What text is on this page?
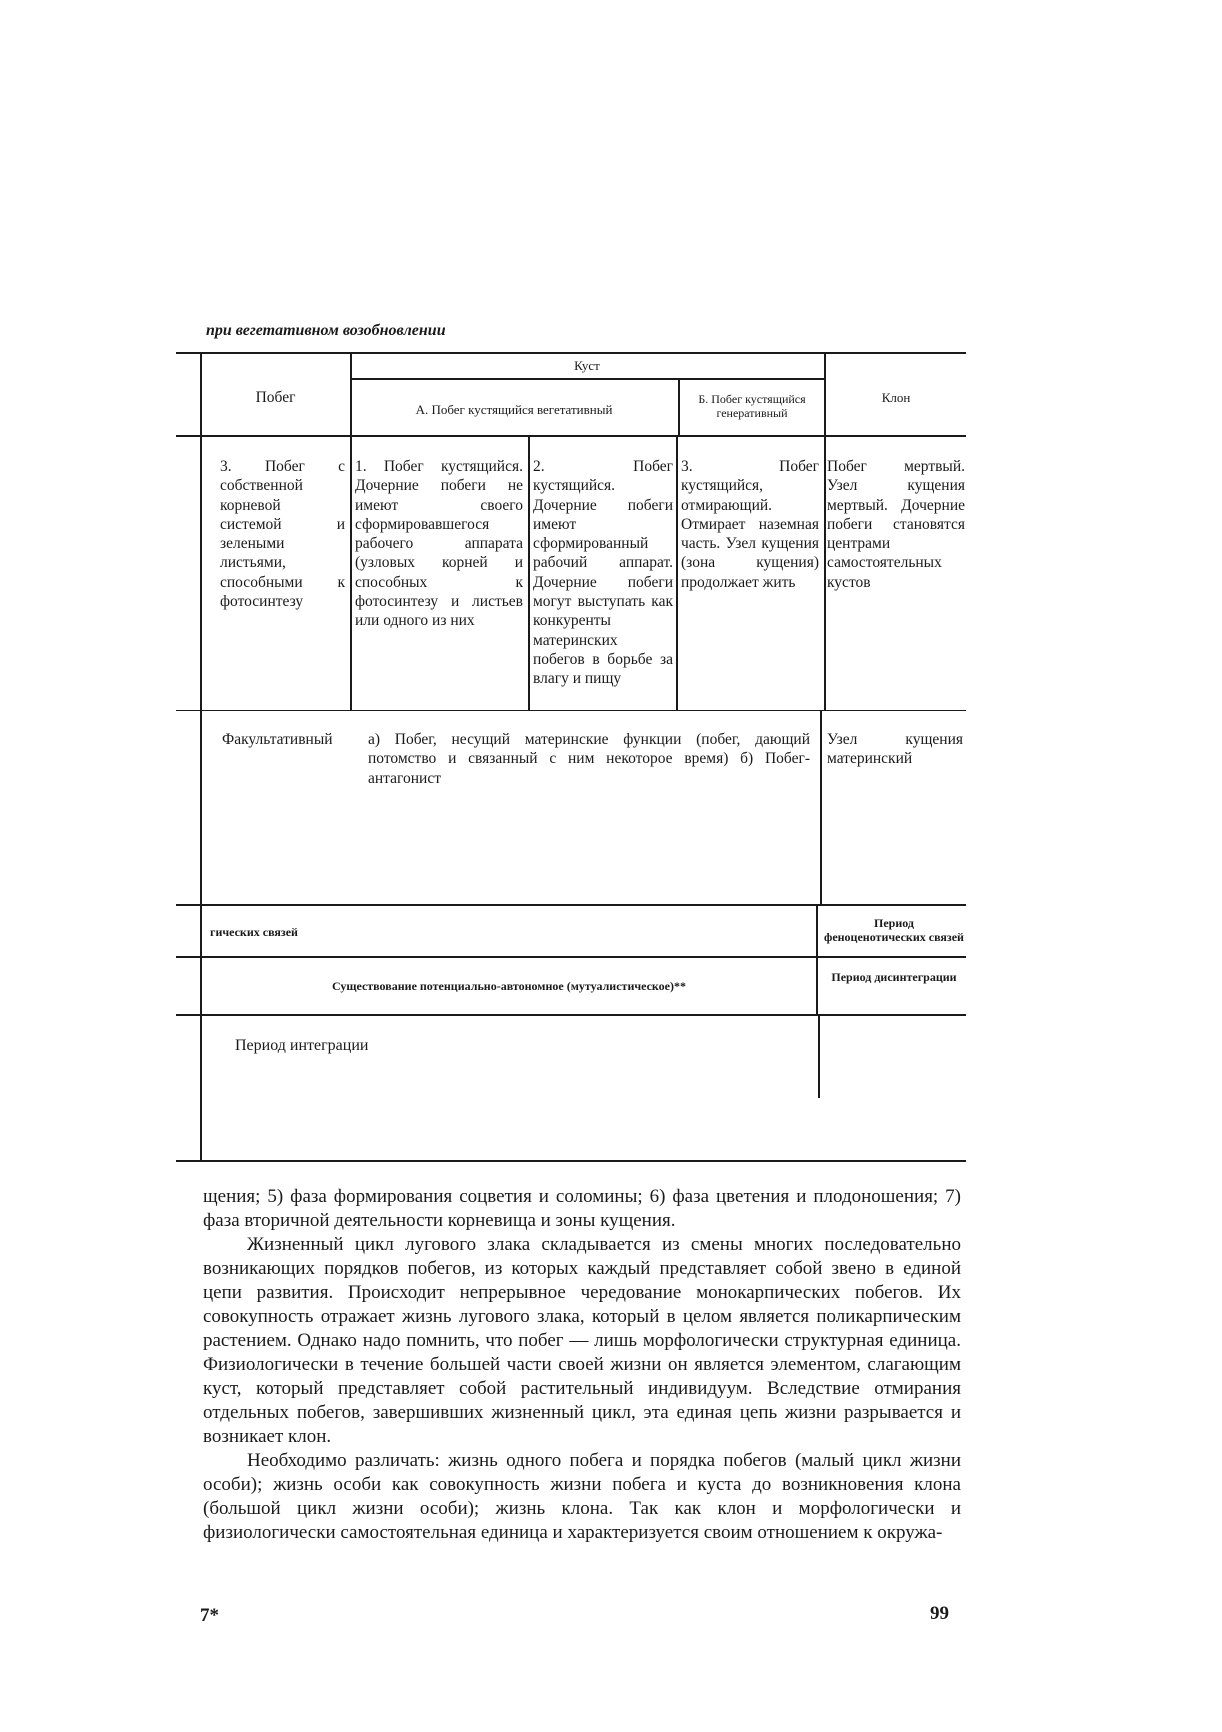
при вегетативном возобновлении
Побег
Куст
А. Побег кустящийся вегетативный
Б. Побег кустящийся генеративный
Клон
3. Побег с собственной корневой системой и зелеными листьями, способными к фотосинтезу
1. Побег кустящийся. Дочерние побеги не имеют своего сформировавшегося рабочего аппарата (узловых корней и способных к фотосинтезу и листьев или одного из них
2. Побег кустящийся. Дочерние побеги имеют сформированный рабочий аппарат. Дочерние побеги могут выступать как конкуренты материнских побегов в борьбе за влагу и пищу
3. Побег кустящийся, отмирающий. Отмирает наземная часть. Узел кущения (зона кущения) продолжает жить
Побег мертвый. Узел кущения мертвый. Дочерние побеги становятся центрами самостоятельных кустов
Факультативный	а) Побег, несущий материнские функции (побег, дающий потомство и связанный с ним некоторое время) б) Побег-антагонист
Узел кущения материнский
гических связей
Период феноценотических связей
Существование потенциально-автономное (мутуалистическое)**
Период дисинтеграции
Период интеграции

щения; 5) фаза формирования соцветия и соломины; 6) фаза цветения и плодоношения; 7) фаза вторичной деятельности корневища и зоны кущения.

Жизненный цикл лугового злака складывается из смены многих последовательно возникающих порядков побегов, из которых каждый представляет собой звено в единой цепи развития. Происходит непрерывное чередование монокарпических побегов. Их совокупность отражает жизнь лугового злака, который в целом является поликарпическим растением. Однако надо помнить, что побег — лишь морфологически структурная единица. Физиологически в течение большей части своей жизни он является элементом, слагающим куст, который представляет собой растительный индивидуум. Вследствие отмирания отдельных побегов, завершивших жизненный цикл, эта единая цепь жизни разрывается и возникает клон.

Необходимо различать: жизнь одного побега и порядка побегов (малый цикл жизни особи); жизнь особи как совокупность жизни побега и куста до возникновения клона (большой цикл жизни особи); жизнь клона. Так как клон и морфологически и физиологически самостоятельная единица и характеризуется своим отношением к окружа-

7*	99
